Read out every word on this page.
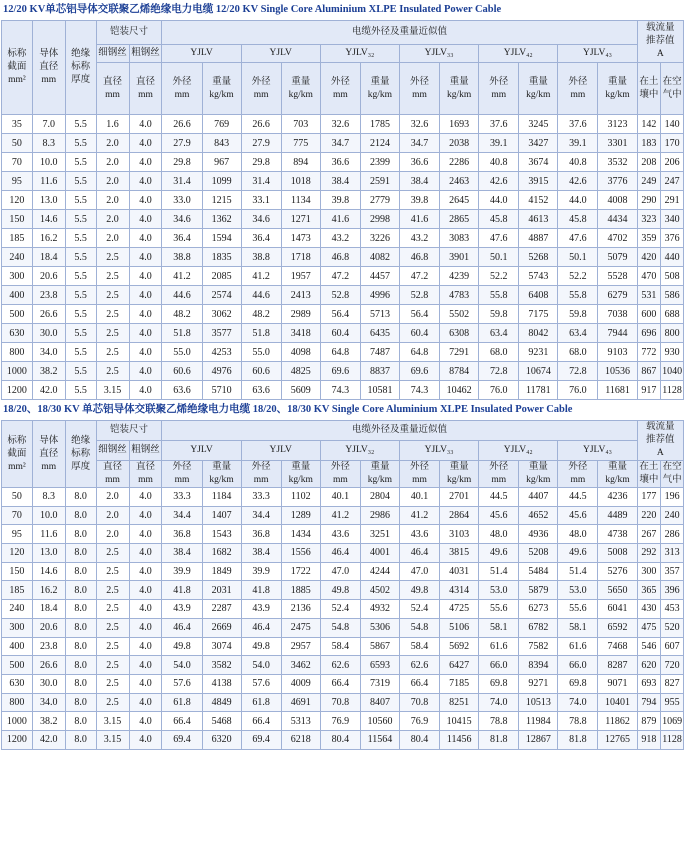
12/20 KV单芯铝导体交联聚乙烯绝缘电力电缆 12/20 KV Single Core Aluminium XLPE Insulated Power Cable
标称
截面
mm²	导体
直径
mm	绝缘
标称
厚度	铠装尺寸		电缆外径及重量近似值												载流量
推荐值
A	

			细钢丝	粗钢丝	YJLV		YJLV		YJLV₃₂		YJLV₃₃		YJLV₄₂		YJLV₄₃			

			直径
mm	直径
mm	外径
mm	重量
kg/km	外径
mm	重量
kg/km	外径
mm	重量
kg/km	外径
mm	重量
kg/km	外径
mm	重量
kg/km	外径
mm	重量
kg/km	在土
壤中	在空
气中

35	7.0	5.5	1.6	4.0	26.6	769	26.6	703	32.6	1785	32.6	1693	37.6	3245	37.6	3123	142	140
50	8.3	5.5	2.0	4.0	27.9	843	27.9	775	34.7	2124	34.7	2038	39.1	3427	39.1	3301	183	170
70	10.0	5.5	2.0	4.0	29.8	967	29.8	894	36.6	2399	36.6	2286	40.8	3674	40.8	3532	208	206
95	11.6	5.5	2.0	4.0	31.4	1099	31.4	1018	38.4	2591	38.4	2463	42.6	3915	42.6	3776	249	247
120	13.0	5.5	2.0	4.0	33.0	1215	33.1	1134	39.8	2779	39.8	2645	44.0	4152	44.0	4008	290	291
150	14.6	5.5	2.0	4.0	34.6	1362	34.6	1271	41.6	2998	41.6	2865	45.8	4613	45.8	4434	323	340
185	16.2	5.5	2.0	4.0	36.4	1594	36.4	1473	43.2	3226	43.2	3083	47.6	4887	47.6	4702	359	376
240	18.4	5.5	2.5	4.0	38.8	1835	38.8	1718	46.8	4082	46.8	3901	50.1	5268	50.1	5079	420	440
300	20.6	5.5	2.5	4.0	41.2	2085	41.2	1957	47.2	4457	47.2	4239	52.2	5743	52.2	5528	470	508
400	23.8	5.5	2.5	4.0	44.6	2574	44.6	2413	52.8	4996	52.8	4783	55.8	6408	55.8	6279	531	586
500	26.6	5.5	2.5	4.0	48.2	3062	48.2	2989	56.4	5713	56.4	5502	59.8	7175	59.8	7038	600	688
630	30.0	5.5	2.5	4.0	51.8	3577	51.8	3418	60.4	6435	60.4	6308	63.4	8042	63.4	7944	696	800
800	34.0	5.5	2.5	4.0	55.0	4253	55.0	4098	64.8	7487	64.8	7291	68.0	9231	68.0	9103	772	930
1000	38.2	5.5	2.5	4.0	60.6	4976	60.6	4825	69.6	8837	69.6	8784	72.8	10674	72.8	10536	867	1040
1200	42.0	5.5	3.15	4.0	63.6	5710	63.6	5609	74.3	10581	74.3	10462	76.0	11781	76.0	11681	917	1128
18/20、18/30 KV 单芯铝导体交联聚乙烯绝缘电力电缆 18/20、18/30 KV Single Core Aluminium XLPE Insulated Power Cable
标称
截面
mm²	导体
直径
mm	绝缘
标称
厚度	铠装尺寸		电缆外径及重量近似值												载流量
推荐值
A	

			细钢丝	粗钢丝	YJLV		YJLV		YJLV₃₂		YJLV₃₃		YJLV₄₂		YJLV₄₃			

			直径
mm	直径
mm	外径
mm	重量
kg/km	外径
mm	重量
kg/km	外径
mm	重量
kg/km	外径
mm	重量
kg/km	外径
mm	重量
kg/km	外径
mm	重量
kg/km	在土
壤中	在空
气中

50	8.3	8.0	2.0	4.0	33.3	1184	33.3	1102	40.1	2804	40.1	2701	44.5	4407	44.5	4236	177	196
70	10.0	8.0	2.0	4.0	34.4	1407	34.4	1289	41.2	2986	41.2	2864	45.6	4652	45.6	4489	220	240
95	11.6	8.0	2.0	4.0	36.8	1543	36.8	1434	43.6	3251	43.6	3103	48.0	4936	48.0	4738	267	286
120	13.0	8.0	2.5	4.0	38.4	1682	38.4	1556	46.4	4001	46.4	3815	49.6	5208	49.6	5008	292	313
150	14.6	8.0	2.5	4.0	39.9	1849	39.9	1722	47.0	4244	47.0	4031	51.4	5484	51.4	5276	300	357
185	16.2	8.0	2.5	4.0	41.8	2031	41.8	1885	49.8	4502	49.8	4314	53.0	5879	53.0	5650	365	396
240	18.4	8.0	2.5	4.0	43.9	2287	43.9	2136	52.4	4932	52.4	4725	55.6	6273	55.6	6041	430	453
300	20.6	8.0	2.5	4.0	46.4	2669	46.4	2475	54.8	5306	54.8	5106	58.1	6782	58.1	6592	475	520
400	23.8	8.0	2.5	4.0	49.8	3074	49.8	2957	58.4	5867	58.4	5692	61.6	7582	61.6	7468	546	607
500	26.6	8.0	2.5	4.0	54.0	3582	54.0	3462	62.6	6593	62.6	6427	66.0	8394	66.0	8287	620	720
630	30.0	8.0	2.5	4.0	57.6	4138	57.6	4009	66.4	7319	66.4	7185	69.8	9271	69.8	9071	693	827
800	34.0	8.0	2.5	4.0	61.8	4849	61.8	4691	70.8	8407	70.8	8251	74.0	10513	74.0	10401	794	955
1000	38.2	8.0	3.15	4.0	66.4	5468	66.4	5313	76.9	10560	76.9	10415	78.8	11984	78.8	11862	879	1069
1200	42.0	8.0	3.15	4.0	69.4	6320	69.4	6218	80.4	11564	80.4	11456	81.8	12867	81.8	12765	918	1128
